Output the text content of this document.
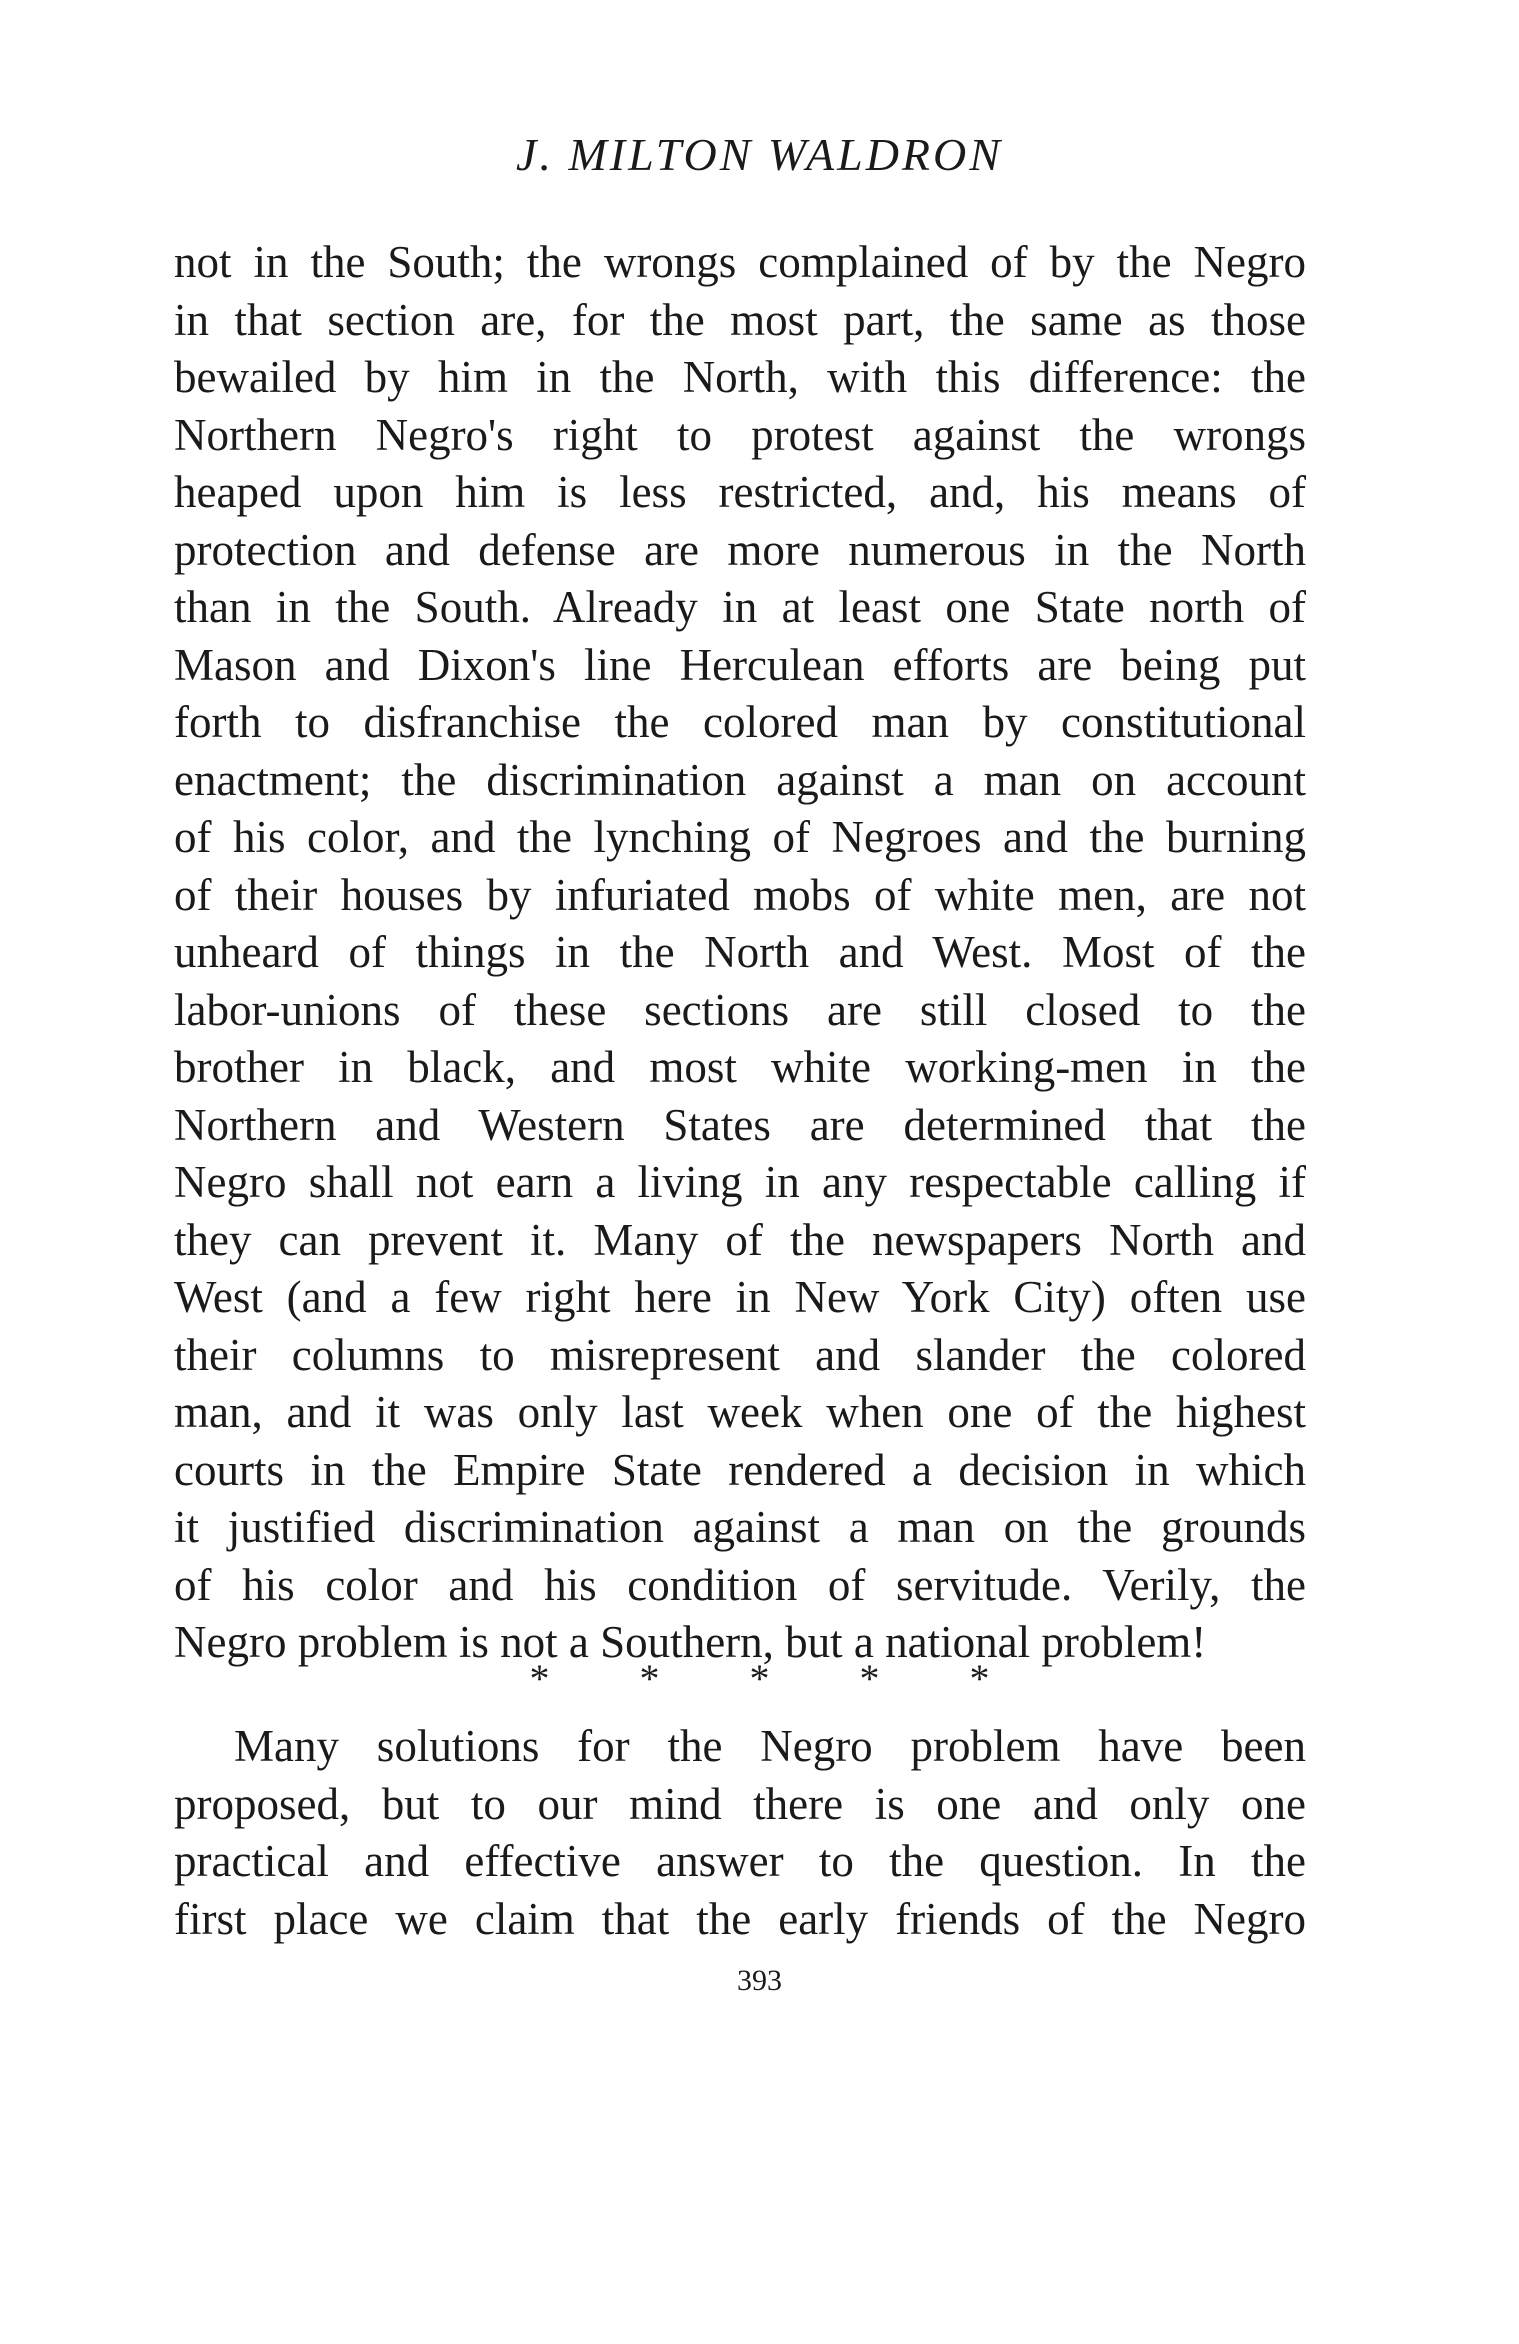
J. MILTON WALDRON
not in the South; the wrongs complained of by the Negro
in that section are, for the most part, the same as those
bewailed by him in the North, with this difference: the
Northern Negro's right to protest against the wrongs
heaped upon him is less restricted, and, his means of
protection and defense are more numerous in the North
than in the South. Already in at least one State north of
Mason and Dixon's line Herculean efforts are being put
forth to disfranchise the colored man by constitutional
enactment; the discrimination against a man on account
of his color, and the lynching of Negroes and the burning
of their houses by infuriated mobs of white men, are not
unheard of things in the North and West. Most of the
labor-unions of these sections are still closed to the
brother in black, and most white working-men in the
Northern and Western States are determined that the
Negro shall not earn a living in any respectable calling if
they can prevent it. Many of the newspapers North and
West (and a few right here in New York City) often use
their columns to misrepresent and slander the colored
man, and it was only last week when one of the highest
courts in the Empire State rendered a decision in which
it justified discrimination against a man on the grounds
of his color and his condition of servitude. Verily, the
Negro problem is not a Southern, but a national problem!
* * * * *
Many solutions for the Negro problem have been
proposed, but to our mind there is one and only one
practical and effective answer to the question. In the
first place we claim that the early friends of the Negro
393
